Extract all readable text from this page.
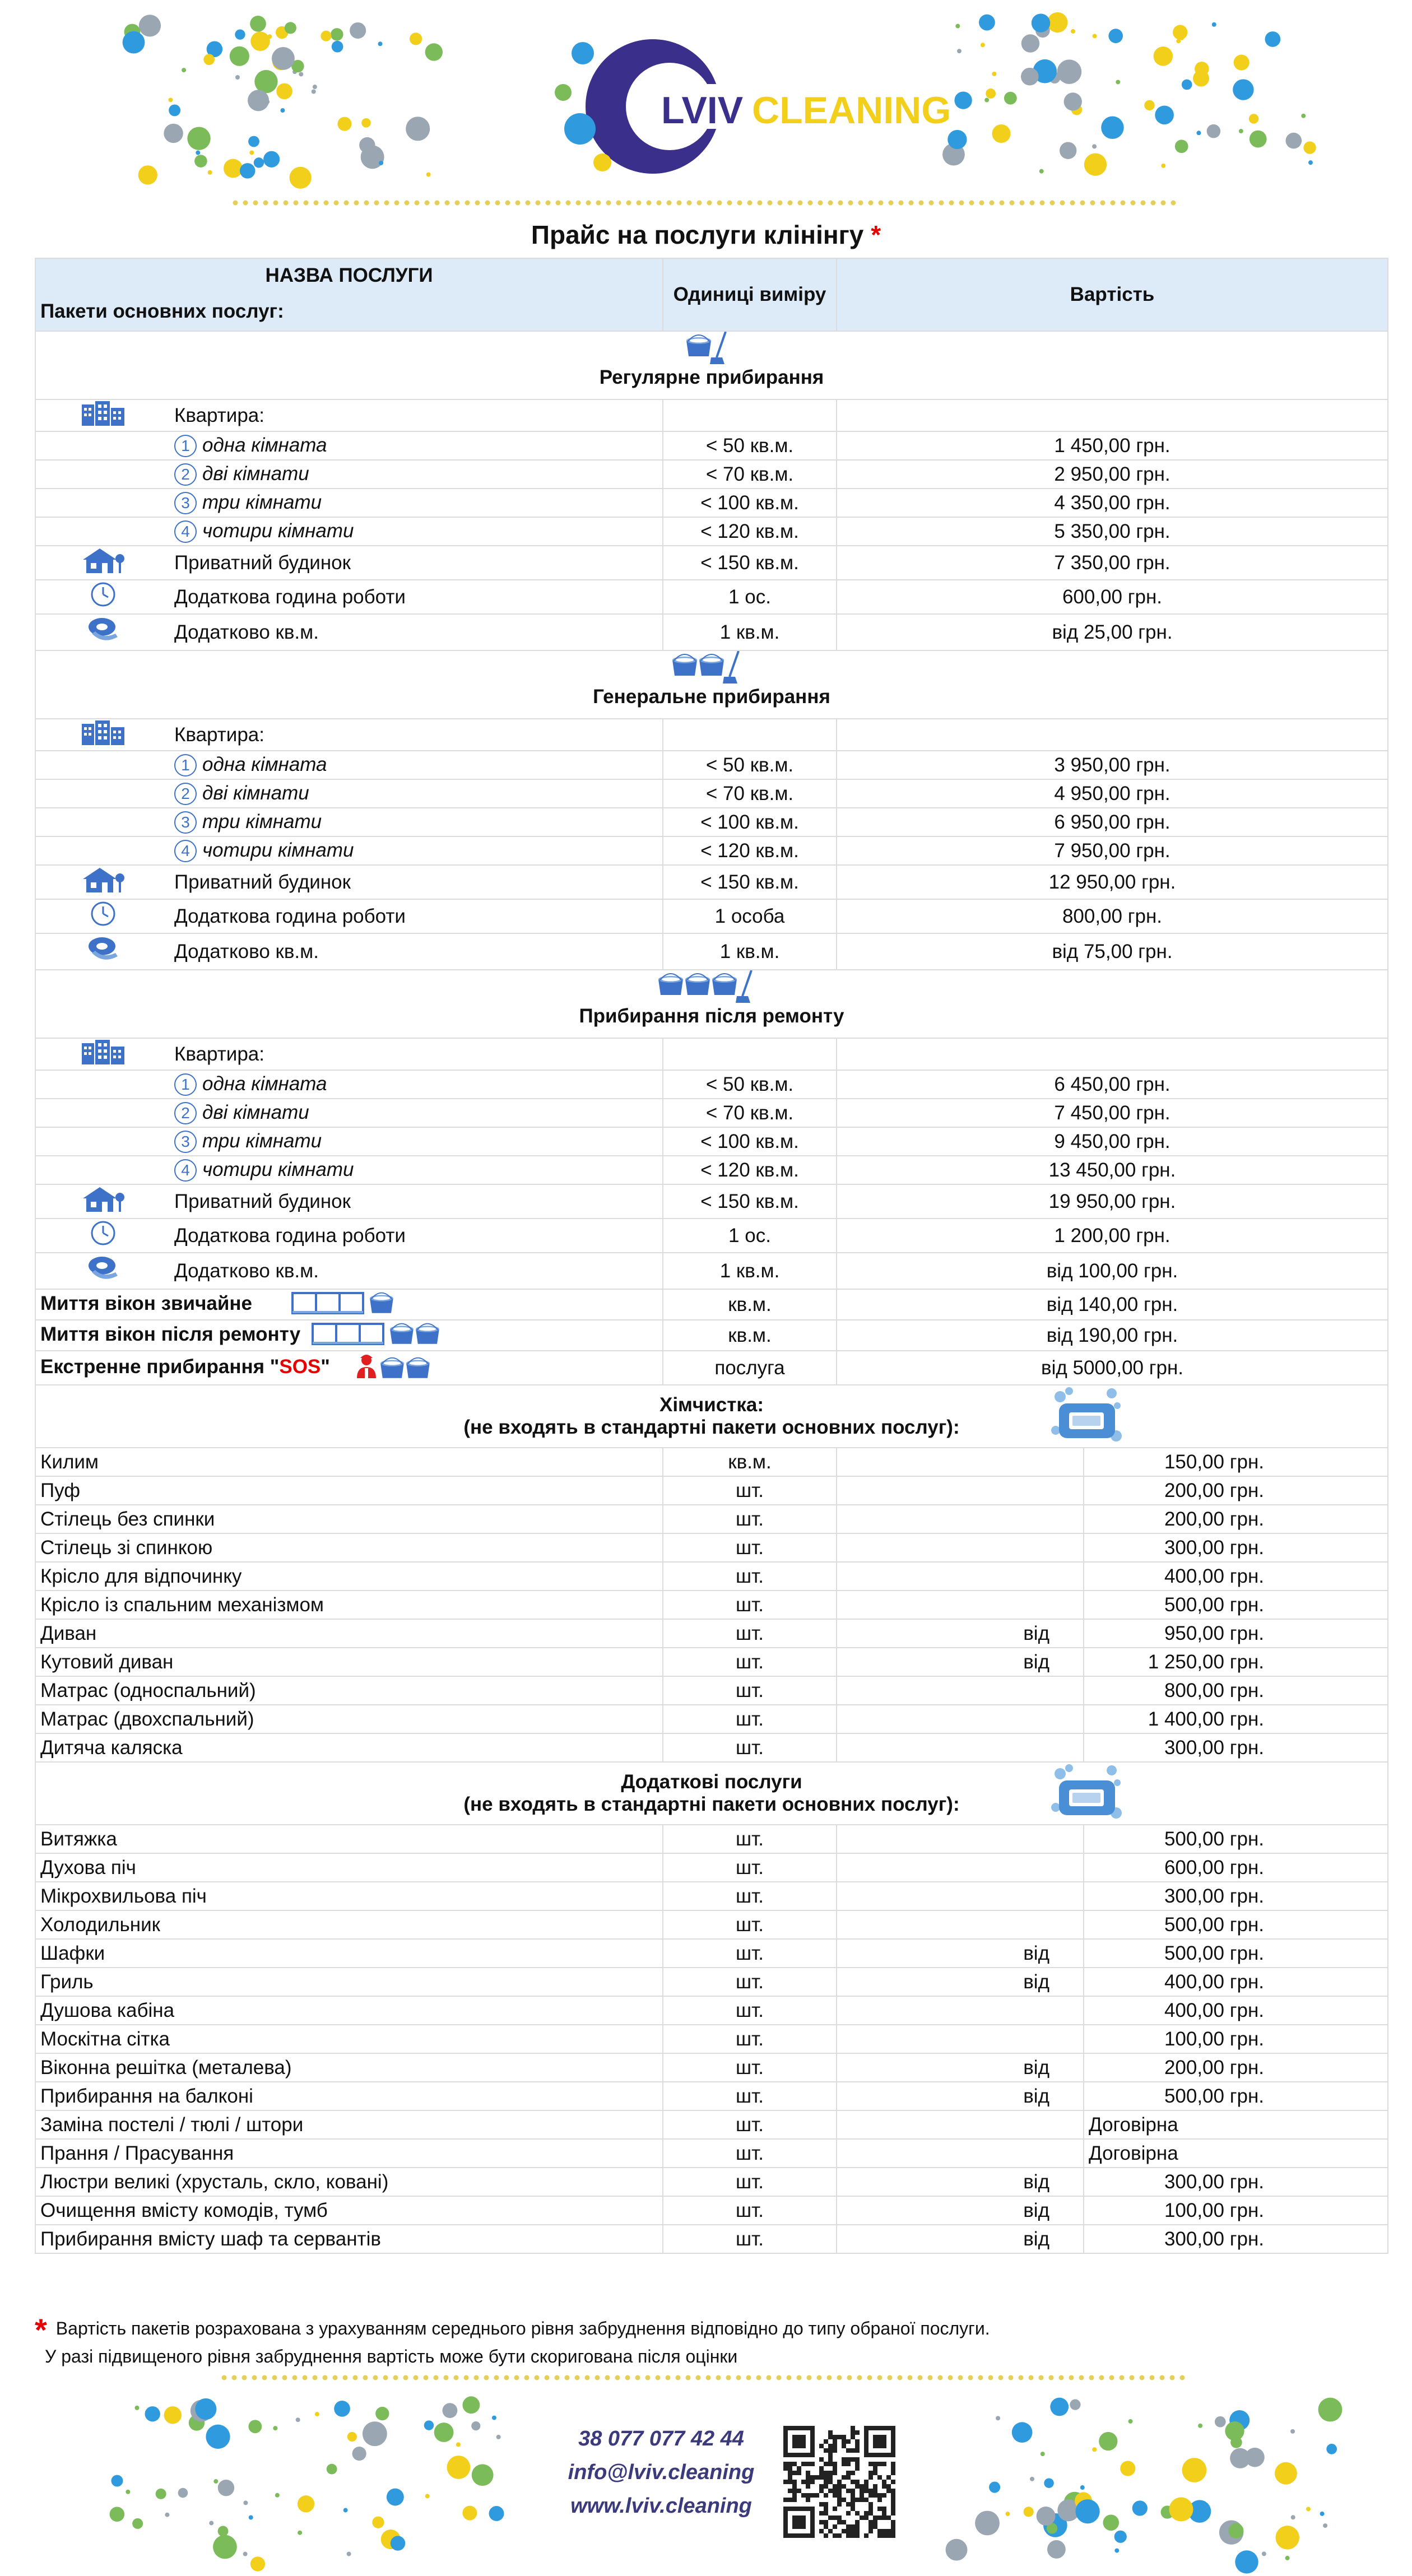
LVIV CLEANING
Прайс на послуги клінінгу *
НАЗВА ПОСЛУГИ
Пакети основних послуг:		Одиниці виміру	Вартість	

Регулярне прибирання				

	Квартира:			
	1 одна кімната	< 50 кв.м.	1 450,00 грн.	
	2 дві кімнати	< 70 кв.м.	2 950,00 грн.	
	3 три кімнати	< 100 кв.м.	4 350,00 грн.	
	4 чотири кімнати	< 120 кв.м.	5 350,00 грн.	
	Приватний будинок	< 150 кв.м.	7 350,00 грн.	
	Додаткова година роботи	1 ос.	600,00 грн.	
	Додатково кв.м.	1 кв.м.	від 25,00 грн.	

Генеральне прибирання				

	Квартира:			
	1 одна кімната	< 50 кв.м.	3 950,00 грн.	
	2 дві кімнати	< 70 кв.м.	4 950,00 грн.	
	3 три кімнати	< 100 кв.м.	6 950,00 грн.	
	4 чотири кімнати	< 120 кв.м.	7 950,00 грн.	
	Приватний будинок	< 150 кв.м.	12 950,00 грн.	
	Додаткова година роботи	1 особа	800,00 грн.	
	Додатково кв.м.	1 кв.м.	від 75,00 грн.	

Прибирання після ремонту				

	Квартира:			
	1 одна кімната	< 50 кв.м.	6 450,00 грн.	
	2 дві кімнати	< 70 кв.м.	7 450,00 грн.	
	3 три кімнати	< 100 кв.м.	9 450,00 грн.	
	4 чотири кімнати	< 120 кв.м.	13 450,00 грн.	
	Приватний будинок	< 150 кв.м.	19 950,00 грн.	
	Додаткова година роботи	1 ос.	1 200,00 грн.	
	Додатково кв.м.	1 кв.м.	від 100,00 грн.	
Миття вікон звичайне		кв.м.	від 140,00 грн.	
Миття вікон після ремонту		кв.м.	від 190,00 грн.	
Екстренне прибирання "SOS"		послуга	від 5000,00 грн.	

Хімчистка:
(не входять в стандартні пакети основних послуг):				

Килим		кв.м.		150,00 грн.
Пуф		шт.		200,00 грн.
Стілець без спинки		шт.		200,00 грн.
Стілець зі спинкою		шт.		300,00 грн.
Крісло для відпочинку		шт.		400,00 грн.
Крісло із спальним механізмом		шт.		500,00 грн.
Диван		шт.	від	950,00 грн.
Кутовий диван		шт.	від	1 250,00 грн.
Матрас (односпальний)		шт.		800,00 грн.
Матрас (двохспальний)		шт.		1 400,00 грн.
Дитяча каляска		шт.		300,00 грн.

Додаткові послуги
(не входять в стандартні пакети основних послуг):				

Витяжка		шт.		500,00 грн.
Духова піч		шт.		600,00 грн.
Мікрохвильова піч		шт.		300,00 грн.
Холодильник		шт.		500,00 грн.
Шафки		шт.	від	500,00 грн.
Гриль		шт.	від	400,00 грн.
Душова кабіна		шт.		400,00 грн.
Москітна сітка		шт.		100,00 грн.
Віконна решітка (металева)		шт.	від	200,00 грн.
Прибирання на балконі		шт.	від	500,00 грн.
Заміна постелі / тюлі / штори		шт.		Договірна
Прання / Прасування		шт.		Договірна
Люстри великі (хрусталь, скло, ковані)		шт.	від	300,00 грн.
Очищення вмісту комодів, тумб		шт.	від	100,00 грн.
Прибирання вмісту шаф та сервантів		шт.	від	300,00 грн.
* Вартість пакетів розрахована з урахуванням середнього рівня забруднення відповідно до типу обраної послуги.
У разі підвищеного рівня забруднення вартість може бути скоригована після оцінки
38 077 077 42 44
info@lviv.cleaning
www.lviv.cleaning
